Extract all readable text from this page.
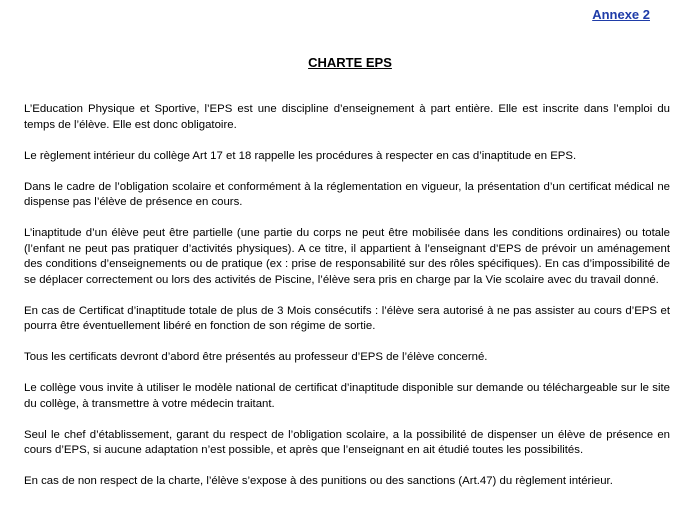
Annexe 2
CHARTE EPS

L’Education Physique et Sportive, l’EPS est une discipline d’enseignement à part entière. Elle est inscrite dans l’emploi du temps de l’élève. Elle est donc obligatoire.

Le règlement intérieur du collège Art 17 et 18 rappelle les procédures à respecter en cas d’inaptitude en EPS.

Dans le cadre de l’obligation scolaire et conformément à la réglementation en vigueur, la présentation d’un certificat médical ne dispense pas l’élève de présence en cours.

L’inaptitude d’un élève peut être partielle (une partie du corps ne peut être mobilisée dans les conditions ordinaires) ou totale (l’enfant ne peut pas pratiquer d’activités physiques). A ce titre, il appartient à l’enseignant d’EPS de prévoir un aménagement des conditions d’enseignements ou de pratique (ex : prise de responsabilité sur des rôles spécifiques). En cas d’impossibilité de se déplacer correctement ou lors des activités de Piscine, l’élève sera pris en charge par la Vie scolaire avec du travail donné.

En cas de Certificat d’inaptitude totale de plus de 3 Mois consécutifs : l’élève sera autorisé à ne pas assister au cours d’EPS et pourra être éventuellement libéré en fonction de son régime de sortie.

Tous les certificats devront d’abord être présentés au professeur d’EPS de l’élève concerné.

Le collège vous invite à utiliser le modèle national de certificat d’inaptitude disponible sur demande ou téléchargeable sur le site du collège, à transmettre à votre médecin traitant.

Seul le chef d’établissement, garant du respect de l’obligation scolaire, a la possibilité de dispenser un élève de présence en cours d’EPS, si aucune adaptation n’est possible, et après que l’enseignant en ait étudié toutes les possibilités.

En cas de non respect de la charte, l’élève s’expose à des punitions ou des sanctions (Art.47) du règlement intérieur.
